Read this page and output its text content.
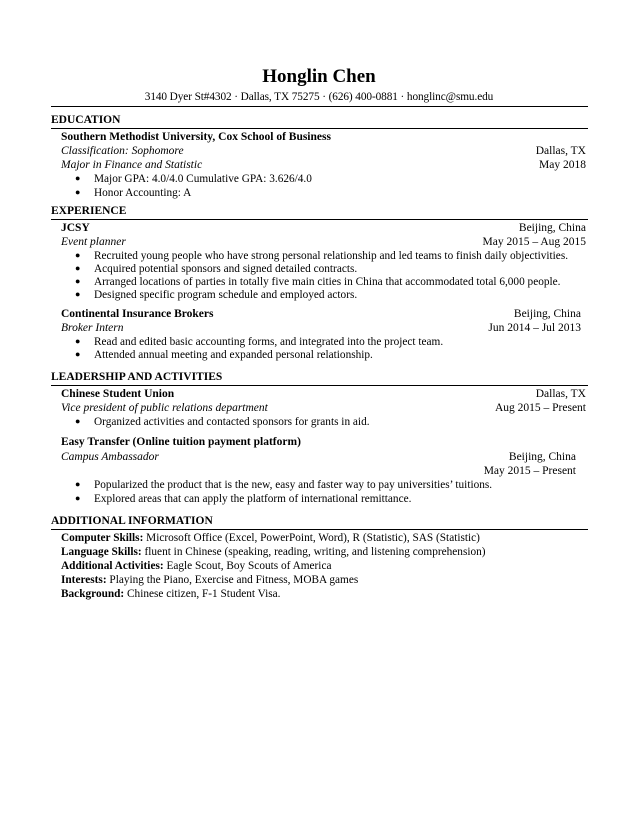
Honglin Chen
3140 Dyer St#4302 · Dallas, TX 75275 · (626) 400-0881 · honglinc@smu.edu
EDUCATION
Southern Methodist University, Cox School of Business
Classification: Sophomore	Dallas, TX
Major in Finance and Statistic	May 2018
● Major GPA: 4.0/4.0 Cumulative GPA: 3.626/4.0
● Honor Accounting: A
EXPERIENCE
JCSY	Beijing, China
Event planner	May 2015 – Aug 2015
● Recruited young people who have strong personal relationship and led teams to finish daily objectivities.
● Acquired potential sponsors and signed detailed contracts.
● Arranged locations of parties in totally five main cities in China that accommodated total 6,000 people.
● Designed specific program schedule and employed actors.
Continental Insurance Brokers	Beijing, China
Broker Intern	Jun 2014 – Jul 2013
● Read and edited basic accounting forms, and integrated into the project team.
● Attended annual meeting and expanded personal relationship.
LEADERSHIP AND ACTIVITIES
Chinese Student Union	Dallas, TX
Vice president of public relations department	Aug 2015 – Present
● Organized activities and contacted sponsors for grants in aid.
Easy Transfer (Online tuition payment platform)
Campus Ambassador	Beijing, China
May 2015 – Present
● Popularized the product that is the new, easy and faster way to pay universities’ tuitions.
● Explored areas that can apply the platform of international remittance.
ADDITIONAL INFORMATION
Computer Skills: Microsoft Office (Excel, PowerPoint, Word), R (Statistic), SAS (Statistic)
Language Skills: fluent in Chinese (speaking, reading, writing, and listening comprehension)
Additional Activities: Eagle Scout, Boy Scouts of America
Interests: Playing the Piano, Exercise and Fitness, MOBA games
Background: Chinese citizen, F-1 Student Visa.
